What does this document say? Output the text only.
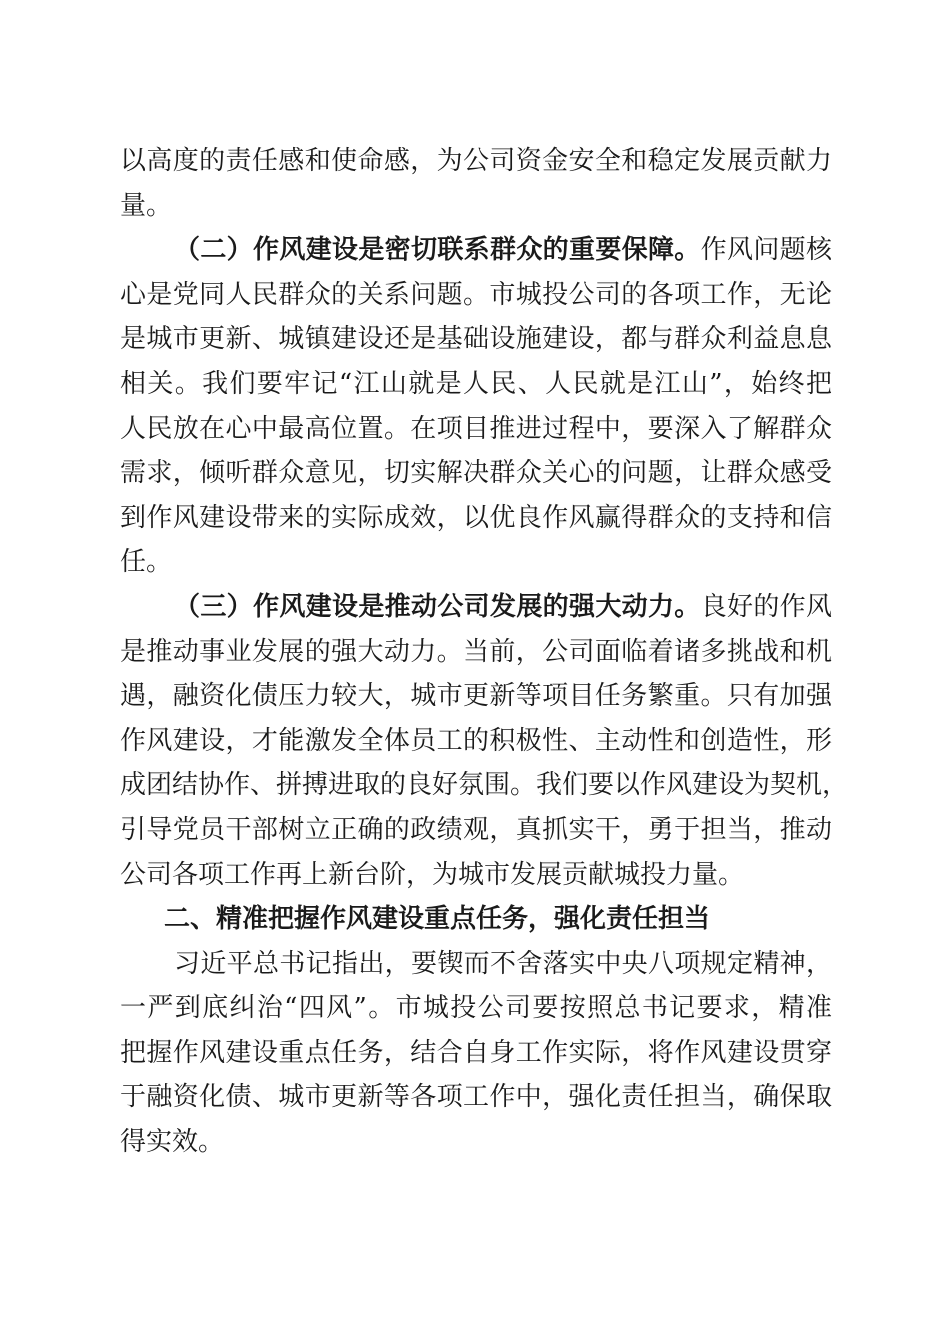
以高度的责任感和使命感，为公司资金安全和稳定发展贡献力
量。
（二）作风建设是密切联系群众的重要保障。作风问题核
心是党同人民群众的关系问题。市城投公司的各项工作，无论
是城市更新、城镇建设还是基础设施建设，都与群众利益息息
相关。我们要牢记“江山就是人民、人民就是江山”，始终把
人民放在心中最高位置。在项目推进过程中，要深入了解群众
需求，倾听群众意见，切实解决群众关心的问题，让群众感受
到作风建设带来的实际成效，以优良作风赢得群众的支持和信
任。
（三）作风建设是推动公司发展的强大动力。良好的作风
是推动事业发展的强大动力。当前，公司面临着诸多挑战和机
遇，融资化债压力较大，城市更新等项目任务繁重。只有加强
作风建设，才能激发全体员工的积极性、主动性和创造性，形
成团结协作、拼搏进取的良好氛围。我们要以作风建设为契机，
引导党员干部树立正确的政绩观，真抓实干，勇于担当，推动
公司各项工作再上新台阶，为城市发展贡献城投力量。
二、精准把握作风建设重点任务，强化责任担当
习近平总书记指出，要锲而不舍落实中央八项规定精神，
一严到底纠治“四风”。市城投公司要按照总书记要求，精准
把握作风建设重点任务，结合自身工作实际，将作风建设贯穿
于融资化债、城市更新等各项工作中，强化责任担当，确保取
得实效。
